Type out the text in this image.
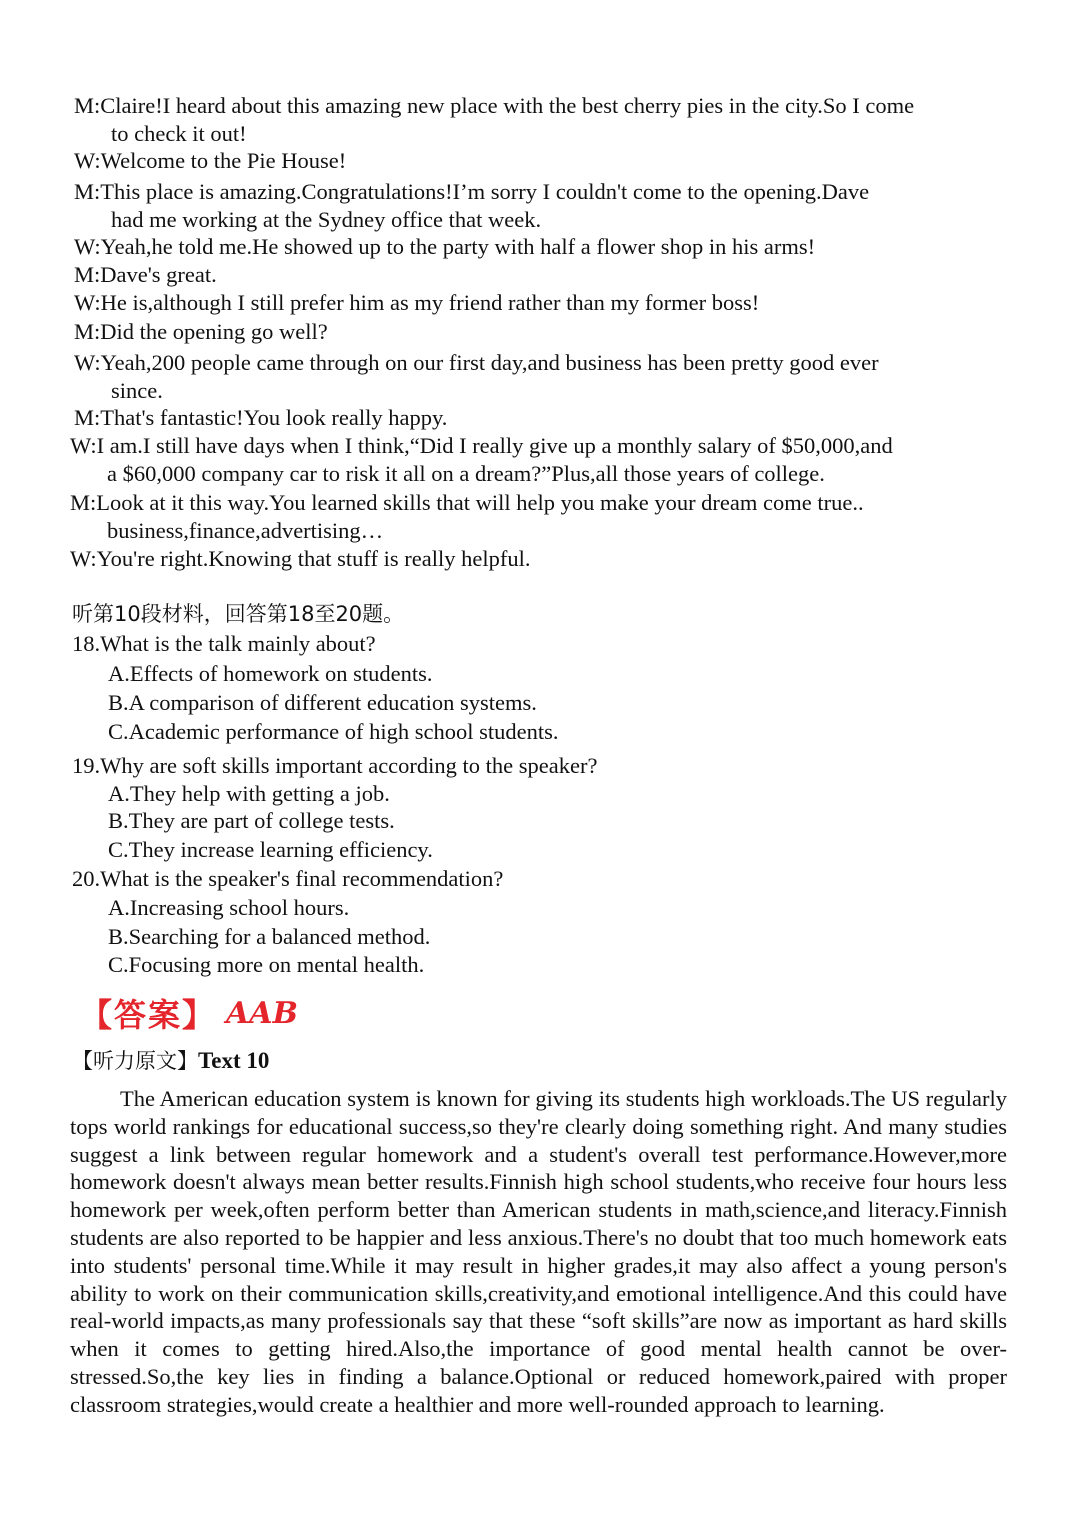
M:Claire!I heard about this amazing new place with the best cherry pies in the city.So I come
to check it out!
W:Welcome to the Pie House!
M:This place is amazing.Congratulations!I’m sorry I couldn't come to the opening.Dave
had me working at the Sydney office that week.
W:Yeah,he told me.He showed up to the party with half a flower shop in his arms!
M:Dave's great.
W:He is,although I still prefer him as my friend rather than my former boss!
M:Did the opening go well?
W:Yeah,200 people came through on our first day,and business has been pretty good ever
since.
M:That's fantastic!You look really happy.
W:I am.I still have days when I think,“Did I really give up a monthly salary of $50,000,and
a $60,000 company car to risk it all on a dream?”Plus,all those years of college.
M:Look at it this way.You learned skills that will help you make your dream come true..
business,finance,advertising…
W:You're right.Knowing that stuff is really helpful.
听第10段材料，回答第18至20题。
18.What is the talk mainly about?
A.Effects of homework on students.
B.A comparison of different education systems.
C.Academic performance of high school students.
19.Why are soft skills important according to the speaker?
A.They help with getting a job.
B.They are part of college tests.
C.They increase learning efficiency.
20.What is the speaker's final recommendation?
A.Increasing school hours.
B.Searching for a balanced method.
C.Focusing more on mental health.
【答案】 AAB
【听力原文】Text 10
The American education system is known for giving its students high workloads.The US regularly tops world rankings for educational success,so they're clearly doing something right. And many studies suggest a link between regular homework and a student's overall test performance.However,more homework doesn't always mean better results.Finnish high school students,who receive four hours less homework per week,often perform better than American students in math,science,and literacy.Finnish students are also reported to be happier and less anxious.There's no doubt that too much homework eats into students' personal time.While it may result in higher grades,it may also affect a young person's ability to work on their communication skills,creativity,and emotional intelligence.And this could have real-world impacts,as many professionals say that these “soft skills”are now as important as hard skills when it comes to getting hired.Also,the importance of good mental health cannot be over-stressed.So,the key lies in finding a balance.Optional or reduced homework,paired with proper classroom strategies,would create a healthier and more well-rounded approach to learning.
